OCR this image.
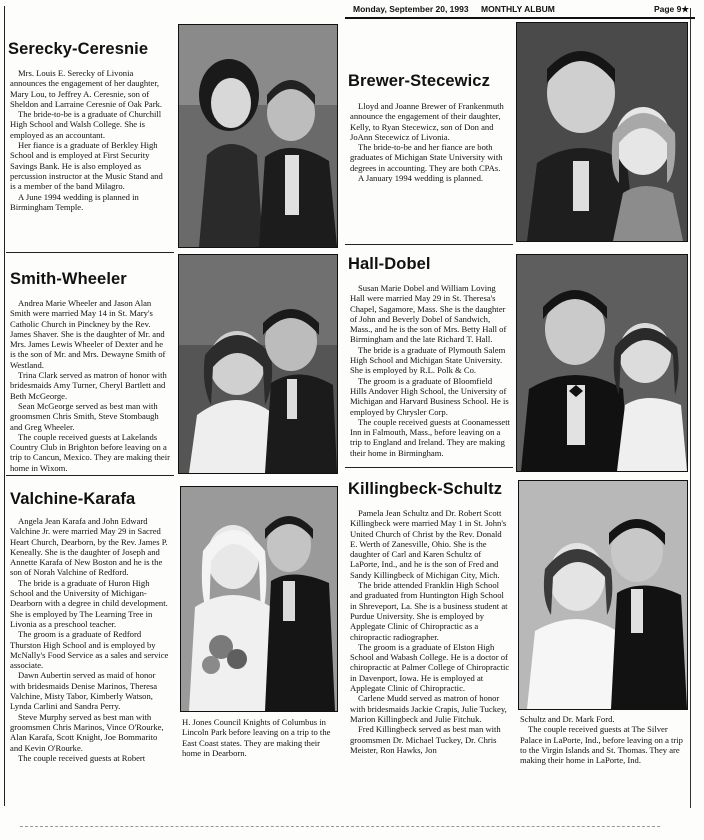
Monday, September 20, 1993 MONTHLY ALBUM	Page 9★
Serecky-Ceresnie

Mrs. Louis E. Serecky of Livonia announces the engagement of her daughter, Mary Lou, to Jeffrey A. Ceresnie, son of Sheldon and Larraine Ceresnie of Oak Park.

The bride-to-be is a graduate of Churchill High School and Walsh College. She is employed as an accountant.

Her fiance is a graduate of Berkley High School and is employed at First Security Savings Bank. He is also employed as percussion instructor at the Music Stand and is a member of the band Milagro.

A June 1994 wedding is planned in Birmingham Temple.

Brewer-Stecewicz

Lloyd and Joanne Brewer of Frankenmuth announce the engagement of their daughter, Kelly, to Ryan Stecewicz, son of Don and JoAnn Stecewicz of Livonia.

The bride-to-be and her fiance are both graduates of Michigan State University with degrees in accounting. They are both CPAs.

A January 1994 wedding is planned.

Smith-Wheeler

Andrea Marie Wheeler and Jason Alan Smith were married May 14 in St. Mary's Catholic Church in Pinckney by the Rev. James Shaver. She is the daughter of Mr. and Mrs. James Lewis Wheeler of Dexter and he is the son of Mr. and Mrs. Dewayne Smith of Westland.

Trina Clark served as matron of honor with bridesmaids Amy Turner, Cheryl Bartlett and Beth McGeorge.

Sean McGeorge served as best man with groomsmen Chris Smith, Steve Stombaugh and Greg Wheeler.

The couple received guests at Lakelands Country Club in Brighton before leaving on a trip to Cancun, Mexico. They are making their home in Wixom.

Hall-Dobel

Susan Marie Dobel and William Loving Hall were married May 29 in St. Theresa's Chapel, Sagamore, Mass. She is the daughter of John and Beverly Dobel of Sandwich, Mass., and he is the son of Mrs. Betty Hall of Birmingham and the late Richard T. Hall.

The bride is a graduate of Plymouth Salem High School and Michigan State University. She is employed by R.L. Polk & Co.

The groom is a graduate of Bloomfield Hills Andover High School, the University of Michigan and Harvard Business School. He is employed by Chrysler Corp.

The couple received guests at Coonamessett Inn in Falmouth, Mass., before leaving on a trip to England and Ireland. They are making their home in Birmingham.

Valchine-Karafa

Angela Jean Karafa and John Edward Valchine Jr. were married May 29 in Sacred Heart Church, Dearborn, by the Rev. James P. Keneally. She is the daughter of Joseph and Annette Karafa of New Boston and he is the son of Norah Valchine of Redford.

The bride is a graduate of Huron High School and the University of Michigan-Dearborn with a degree in child development. She is employed by The Learning Tree in Livonia as a preschool teacher.

The groom is a graduate of Redford Thurston High School and is employed by McNally's Food Service as a sales and service associate.

Dawn Aubertin served as maid of honor with bridesmaids Denise Marinos, Theresa Valchine, Misty Tabor, Kimberly Watson, Lynda Carlini and Sandra Perry.

Steve Murphy served as best man with groomsmen Chris Marinos, Vince O'Rourke, Alan Karafa, Scott Knight, Joe Bommarito and Kevin O'Rourke.

The couple received guests at Robert

H. Jones Council Knights of Columbus in Lincoln Park before leaving on a trip to the East Coast states. They are making their home in Dearborn.

Killingbeck-Schultz

Pamela Jean Schultz and Dr. Robert Scott Killingbeck were married May 1 in St. John's United Church of Christ by the Rev. Donald E. Werth of Zanesville, Ohio. She is the daughter of Carl and Karen Schultz of LaPorte, Ind., and he is the son of Fred and Sandy Killingbeck of Michigan City, Mich.

The bride attended Franklin High School and graduated from Huntington High School in Shreveport, La. She is a business student at Purdue University. She is employed by Applegate Clinic of Chiropractic as a chiropractic radiographer.

The groom is a graduate of Elston High School and Wabash College. He is a doctor of chiropractic at Palmer College of Chiropractic in Davenport, Iowa. He is employed at Applegate Clinic of Chiropractic.

Carlene Mudd served as matron of honor with bridesmaids Jackie Crapis, Julie Tuckey, Marion Killingbeck and Julie Fitchuk.

Fred Killingbeck served as best man with groomsmen Dr. Michael Tuckey, Dr. Chris Meister, Ron Hawks, Jon

Schultz and Dr. Mark Ford.

The couple received guests at The Silver Palace in LaPorte, Ind., before leaving on a trip to the Virgin Islands and St. Thomas. They are making their home in LaPorte, Ind.
